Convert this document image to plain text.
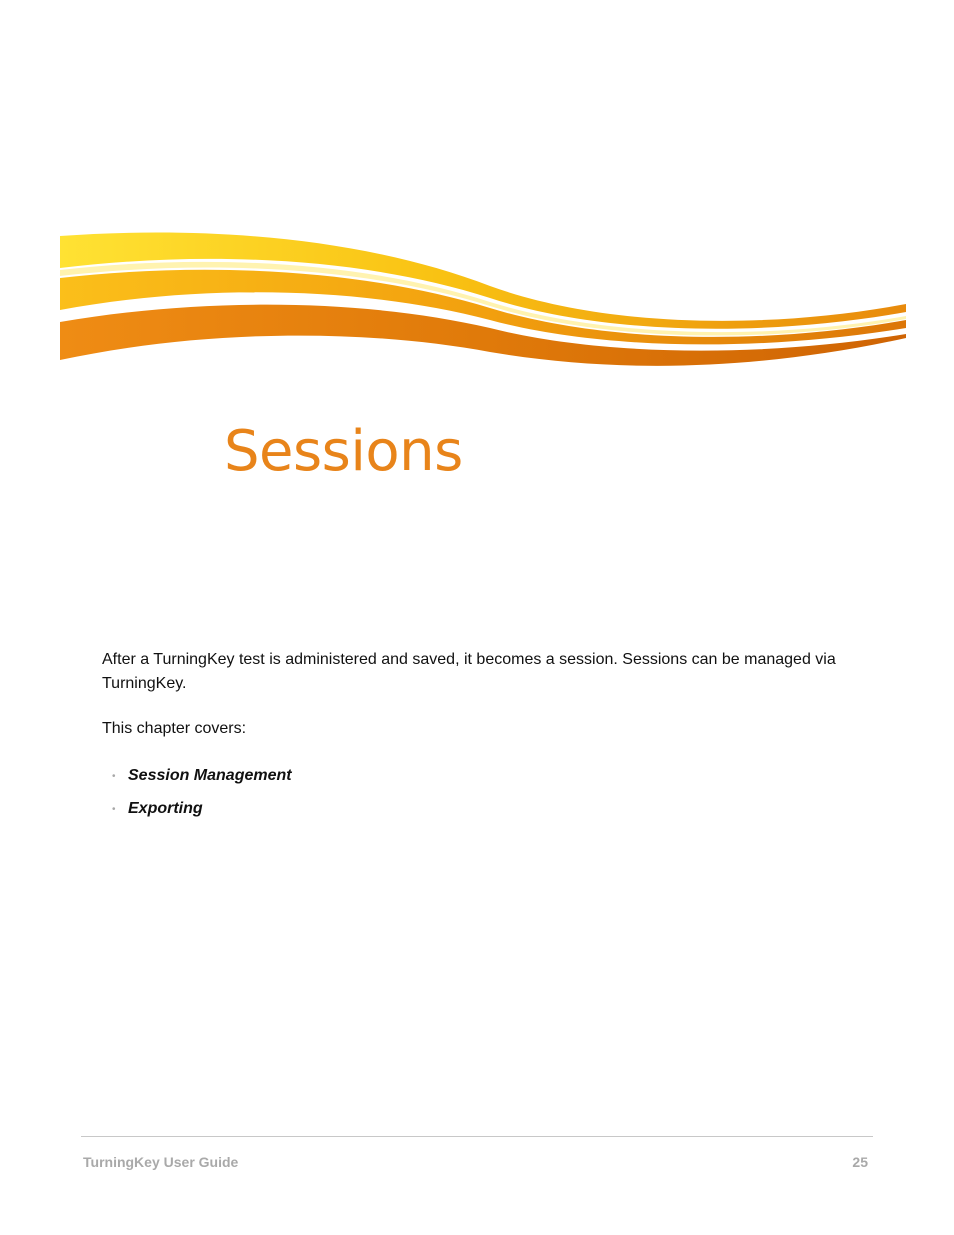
Sessions

After a TurningKey test is administered and saved, it becomes a session. Sessions can be managed via TurningKey.

This chapter covers:

• Session Management
• Exporting
TurningKey User Guide	25
